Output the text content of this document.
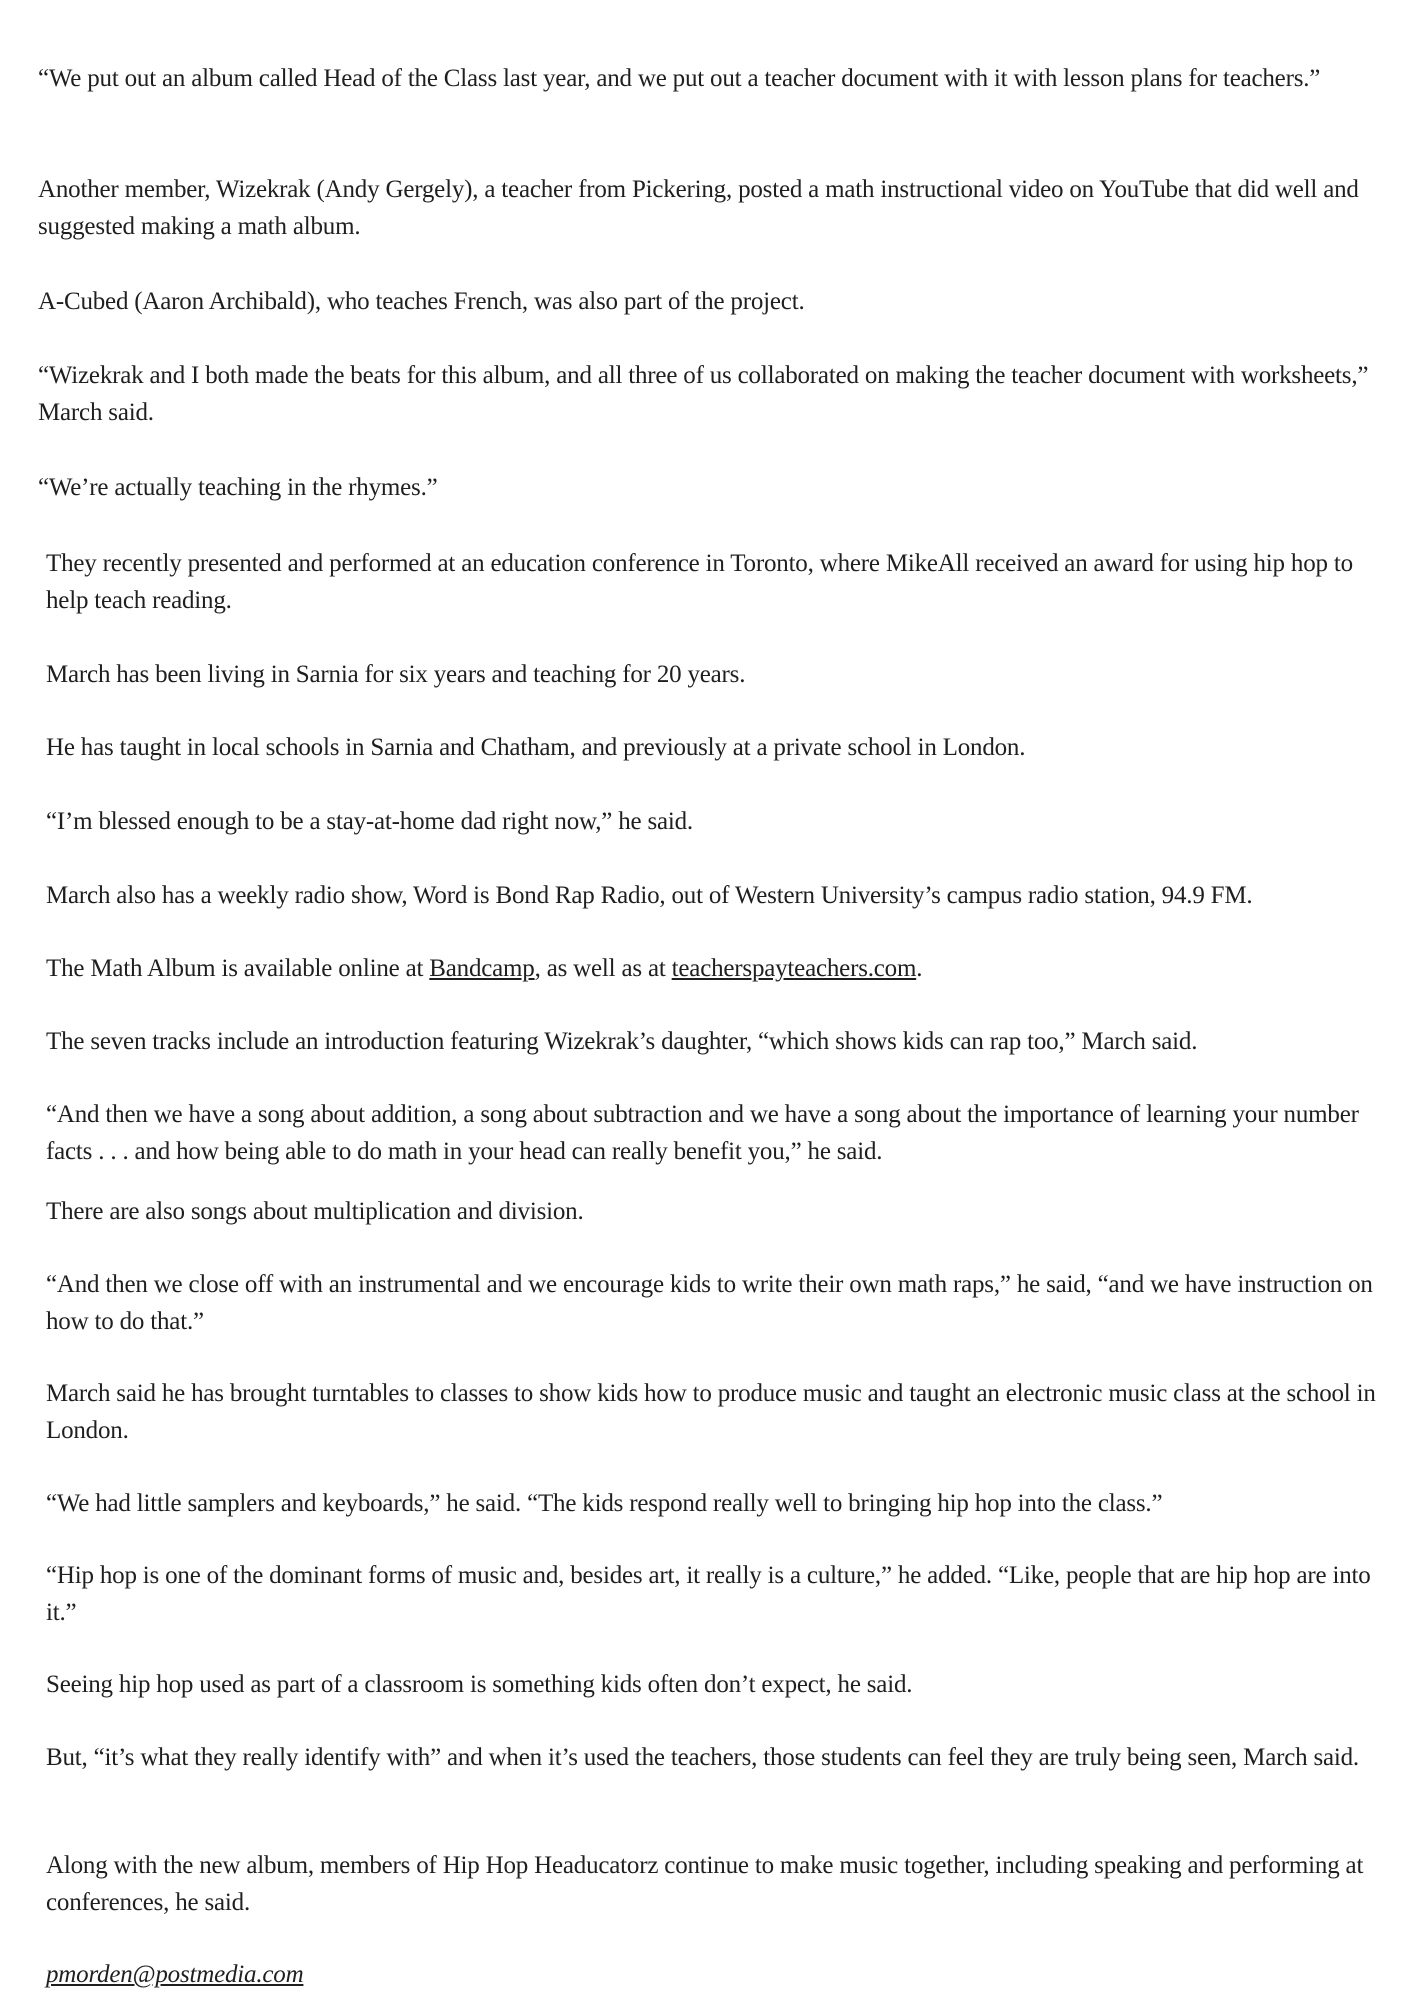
“We put out an album called Head of the Class last year, and we put out a teacher document with it with lesson plans for teachers.”

Another member, Wizekrak (Andy Gergely), a teacher from Pickering, posted a math instructional video on YouTube that did well and suggested making a math album.

A-Cubed (Aaron Archibald), who teaches French, was also part of the project.

“Wizekrak and I both made the beats for this album, and all three of us collaborated on making the teacher document with worksheets,” March said.

“We’re actually teaching in the rhymes.”

They recently presented and performed at an education conference in Toronto, where MikeAll received an award for using hip hop to help teach reading.

March has been living in Sarnia for six years and teaching for 20 years.

He has taught in local schools in Sarnia and Chatham, and previously at a private school in London.

“I’m blessed enough to be a stay-at-home dad right now,” he said.

March also has a weekly radio show, Word is Bond Rap Radio, out of Western University’s campus radio station, 94.9 FM.

The Math Album is available online at Bandcamp, as well as at teacherspayteachers.com.

The seven tracks include an introduction featuring Wizekrak’s daughter, “which shows kids can rap too,” March said.

“And then we have a song about addition, a song about subtraction and we have a song about the importance of learning your number facts . . . and how being able to do math in your head can really benefit you,” he said.

There are also songs about multiplication and division.

“And then we close off with an instrumental and we encourage kids to write their own math raps,” he said, “and we have instruction on how to do that.”

March said he has brought turntables to classes to show kids how to produce music and taught an electronic music class at the school in London.

“We had little samplers and keyboards,” he said. “The kids respond really well to bringing hip hop into the class.”

“Hip hop is one of the dominant forms of music and, besides art, it really is a culture,” he added. “Like, people that are hip hop are into it.”

Seeing hip hop used as part of a classroom is something kids often don’t expect, he said.

But, “it’s what they really identify with” and when it’s used the teachers, those students can feel they are truly being seen, March said.

Along with the new album, members of Hip Hop Headucatorz continue to make music together, including speaking and performing at conferences, he said.

pmorden@postmedia.com
